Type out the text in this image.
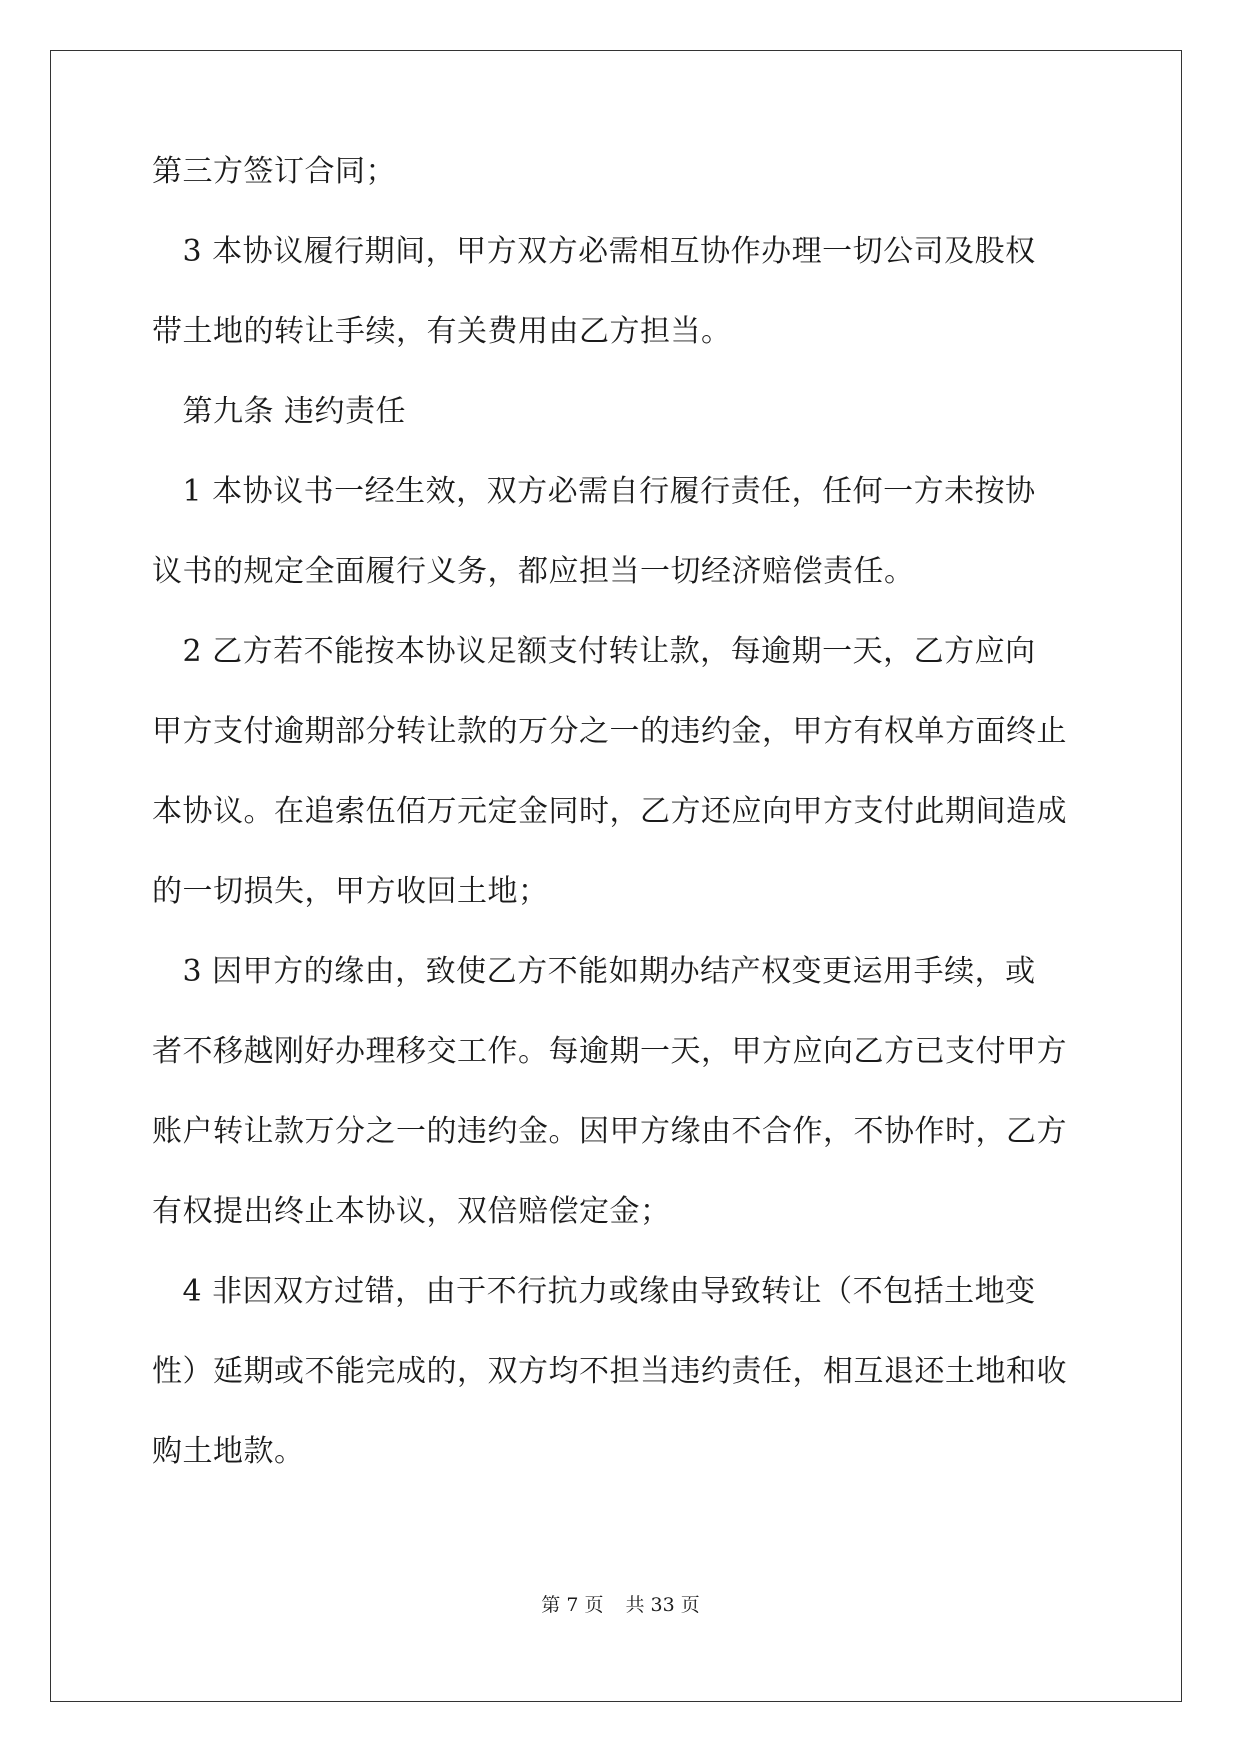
第三方签订合同；
　3 本协议履行期间，甲方双方必需相互协作办理一切公司及股权
带土地的转让手续，有关费用由乙方担当。
　第九条 违约责任
　1 本协议书一经生效，双方必需自行履行责任，任何一方未按协
议书的规定全面履行义务，都应担当一切经济赔偿责任。
　2 乙方若不能按本协议足额支付转让款，每逾期一天，乙方应向
甲方支付逾期部分转让款的万分之一的违约金，甲方有权单方面终止
本协议。在追索伍佰万元定金同时，乙方还应向甲方支付此期间造成
的一切损失，甲方收回土地；
　3 因甲方的缘由，致使乙方不能如期办结产权变更运用手续，或
者不移越刚好办理移交工作。每逾期一天，甲方应向乙方已支付甲方
账户转让款万分之一的违约金。因甲方缘由不合作，不协作时，乙方
有权提出终止本协议，双倍赔偿定金；
　4 非因双方过错，由于不行抗力或缘由导致转让（不包括土地变
性）延期或不能完成的，双方均不担当违约责任，相互退还土地和收
购土地款。
第 7 页 共 33 页
